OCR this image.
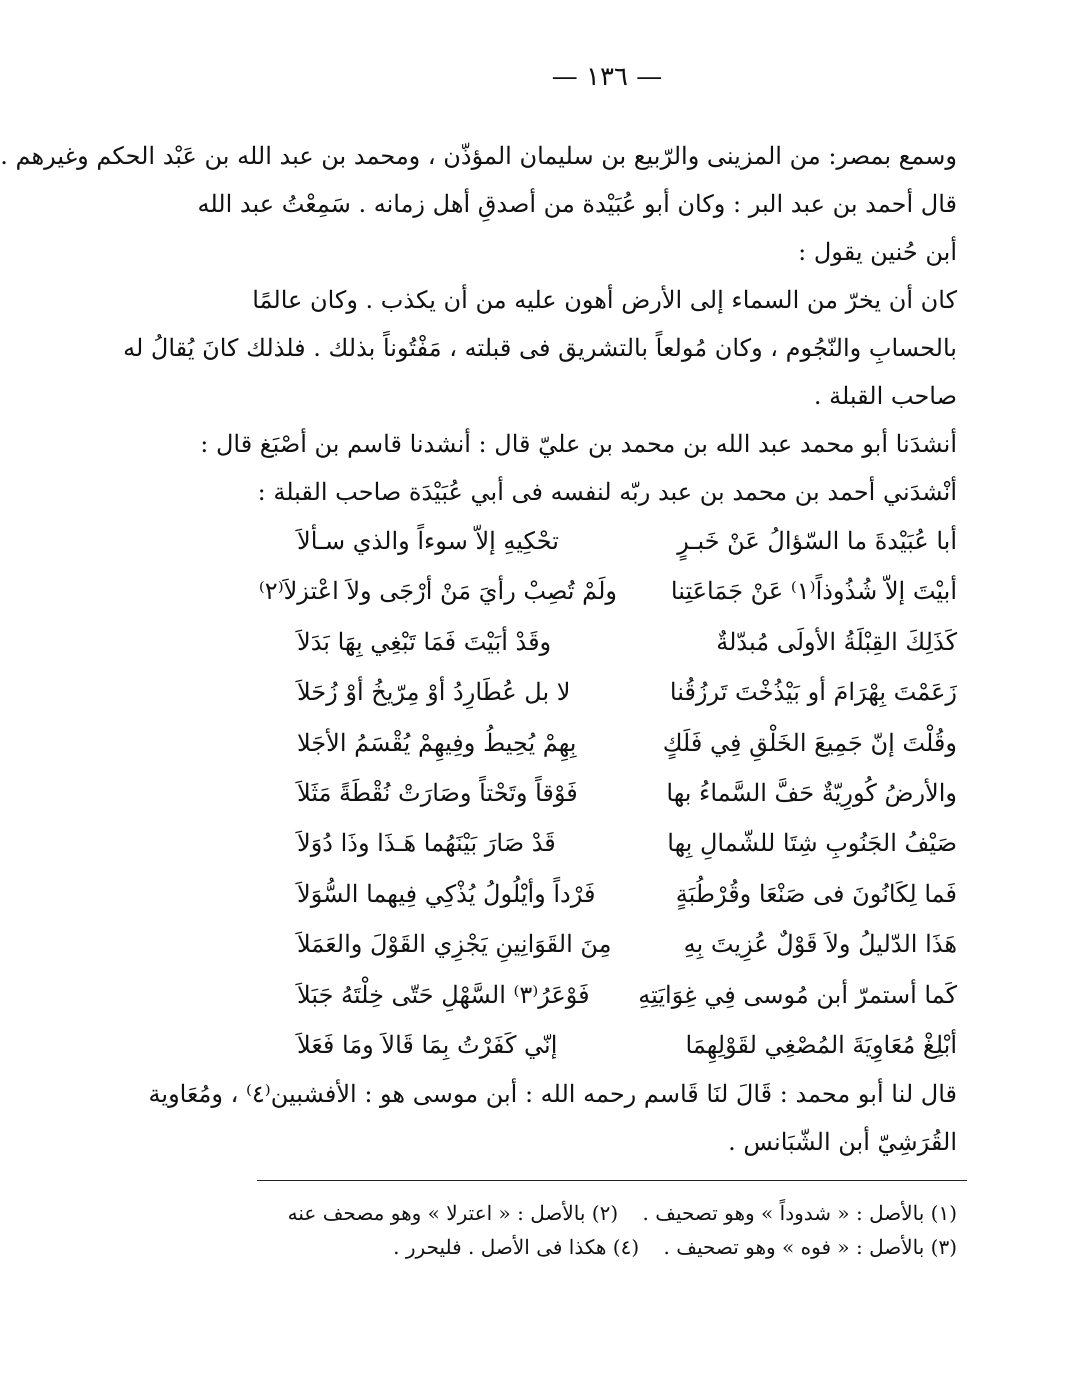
— ١٣٦ —
وسمع بمصر: من المزينى والرّبيع بن سليمان المؤذّن ، ومحمد بن عبد الله بن عَبْد الحكم وغيرهم .
قال أحمد بن عبد البر : وكان أبو عُبَيْدة من أصدقِ أهل زمانه . سَمِعْتُ عبد الله
أبن حُنين يقول :
كان أن يخرّ من السماء إلى الأرض أهون عليه من أن يكذب . وكان عالمًا
بالحسابِ والنّجُوم ، وكان مُولعاً بالتشريق فى قبلته ، مَفْتُوناً بذلك . فلذلك كانَ يُقالُ له
صاحب القبلة .
أنشدَنا أبو محمد عبد الله بن محمد بن عليّ قال : أنشدنا قاسم بن أصْبَغ قال :
أنْشدَني أحمد بن محمد بن عبد ربّه لنفسه فى أبي عُبَيْدَة صاحب القبلة :
أبا عُبَيْدةَ ما السّؤالُ عَنْ خَبـرٍ
تحْكِيهِ إلاّ سوءاً والذي سـألاَ
أبيْتَ إلاّ شُذُوذاً⁽١⁾ عَنْ جَمَاعَتِنا
ولَمْ تُصِبْ رأيَ مَنْ أرْجَى ولاَ اعْتزلاَ⁽٢⁾
كَذَلِكَ القِبْلَةُ الأولَى مُبدّلةٌ
وقَدْ أبَيْتَ فَمَا تَبْغِي بِهَا بَدَلاَ
زَعَمْتَ بِهْرَامَ أو بَيْذُخْتَ تَرزُقُنا
لا بل عُطَارِدُ أوْ مِرّيخُ أوْ زُحَلاَ
وقُلْتَ إنّ جَمِيعَ الخَلْقِ فِي فَلَكٍ
بِهِمْ يُحِيطُ وفِيهِمْ يُقْسَمُ الأجَلا
والأرضُ كُورِيّةٌ حَفَّ السَّماءُ بها
فَوْقاً وتَحْتاً وصَارَتْ نُقْطَةً مَثَلاَ
صَيْفُ الجَنُوبِ شِتَا للشّمالِ بِها
قَدْ صَارَ بَيْنَهُما هَـذَا وذَا دُوَلاَ
فَما لِكَانُونَ فى صَنْعَا وقُرْطُبَةٍ
فَرْداً وأيْلُولُ يُذْكِي فِيهما السُّوَلاَ
هَذَا الدّليلُ ولاَ قَوْلٌ عُزِيتَ بِهِ
مِنَ القَوَانِينِ يَجْزِي القَوْلَ والعَمَلاَ
كَما أستمرّ أبن مُوسى فِي غِوَايَتِهِ
فَوْعَرُ⁽٣⁾ السَّهْلِ حَتّى خِلْتَهُ جَبَلاَ
أبْلِغْ مُعَاوِيَةَ المُصْغِي لقَوْلِهِمَا
إنّي كَفَرْتُ بِمَا قَالاَ ومَا فَعَلاَ
قال لنا أبو محمد : قَالَ لنَا قَاسم رحمه الله : أبن موسى هو : الأفشبين⁽٤⁾ ، ومُعَاوية
القُرَشِيّ أبن الشّبَانس .
(١) بالأصل : « شدوداً » وهو تصحيف . (٢) بالأصل : « اعترلا » وهو مصحف عنه
(٣) بالأصل : « فوه » وهو تصحيف . (٤) هكذا فى الأصل . فليحرر .
